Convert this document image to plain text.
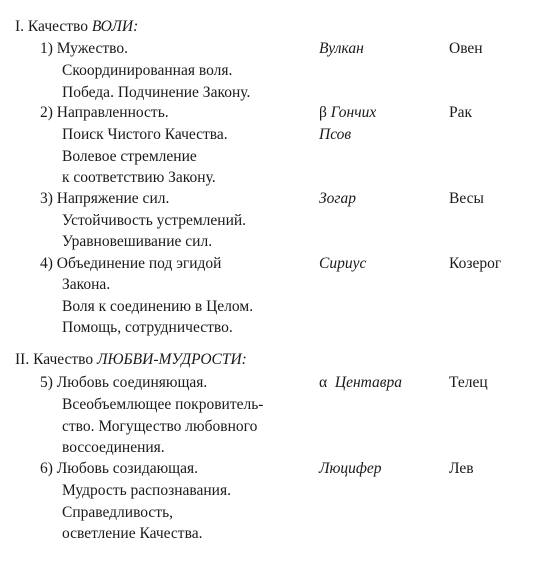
I. Качество ВОЛИ:
1) Мужество.	Вулкан	Овен
Скоординированная воля.
Победа. Подчинение Закону.
2) Направленность.	β Гончих	Рак
Поиск Чистого Качества.	Псов
Волевое стремление
к соответствию Закону.
3) Напряжение сил.	Зогар	Весы
Устойчивость устремлений.
Уравновешивание сил.
4) Объединение под эгидой	Сириус	Козерог
Закона.
Воля к соединению в Целом.
Помощь, сотрудничество.
II. Качество ЛЮБВИ-МУДРОСТИ:
5) Любовь соединяющая.	α Центавра	Телец
Всеобъемлющее покровитель-
ство. Могущество любовного
воссоединения.
6) Любовь созидающая.	Люцифер	Лев
Мудрость распознавания.
Справедливость,
осветление Качества.
